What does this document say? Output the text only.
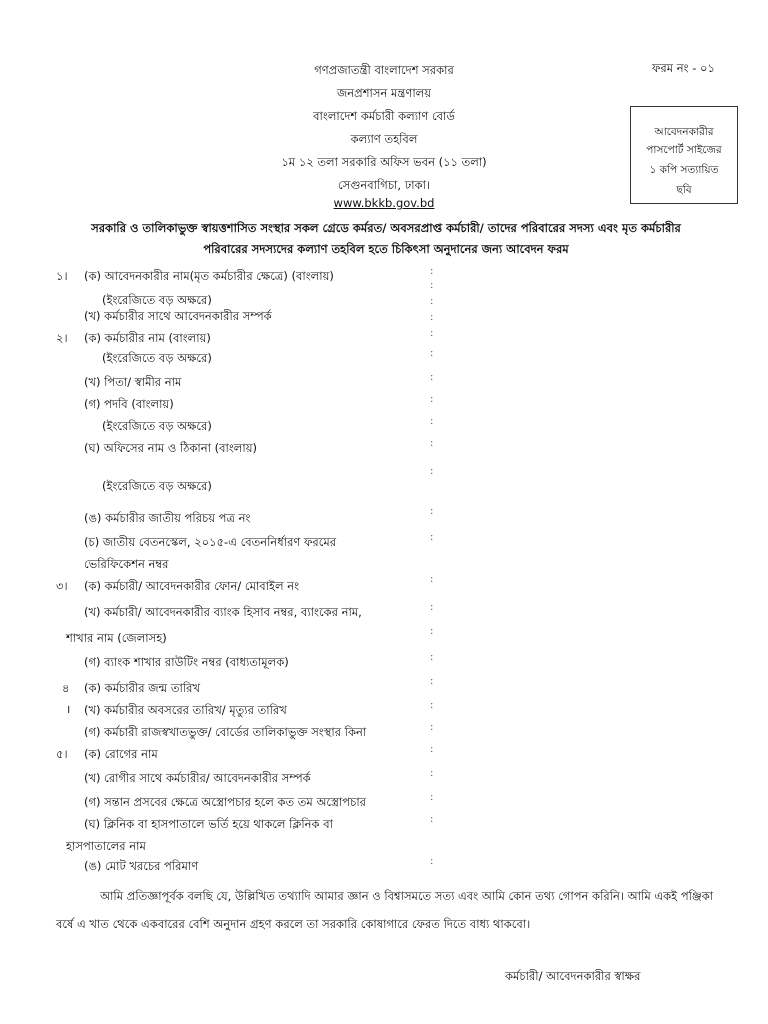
গণপ্রজাতন্ত্রী বাংলাদেশ সরকার
জনপ্রশাসন মন্ত্রণালয়
বাংলাদেশ কর্মচারী কল্যাণ বোর্ড
কল্যাণ তহবিল
১ম ১২ তলা সরকারি অফিস ভবন (১১ তলা)
সেগুনবাগিচা, ঢাকা।
www.bkkb.gov.bd
ফরম নং - ০১
আবেদনকারীর
পাসপোর্ট সাইজের
১ কপি সত্যায়িত
ছবি
সরকারি ও তালিকাভুক্ত স্বায়ত্তশাসিত সংস্থার সকল গ্রেডে কর্মরত/ অবসরপ্রাপ্ত কর্মচারী/ তাদের পরিবারের সদস্য এবং মৃত কর্মচারীর
পরিবারের সদস্যদের কল্যাণ তহবিল হতে চিকিৎসা অনুদানের জন্য আবেদন ফরম
১। (ক) আবেদনকারীর নাম(মৃত কর্মচারীর ক্ষেত্রে) (বাংলায়)
(ইংরেজিতে বড় অক্ষরে)
(খ) কর্মচারীর সাথে আবেদনকারীর সম্পর্ক
২। (ক) কর্মচারীর নাম (বাংলায়)
(ইংরেজিতে বড় অক্ষরে)
(খ) পিতা/ স্বামীর নাম
(গ) পদবি (বাংলায়)
(ইংরেজিতে বড় অক্ষরে)
(ঘ) অফিসের নাম ও ঠিকানা (বাংলায়)
(ইংরেজিতে বড় অক্ষরে)
(ঙ) কর্মচারীর জাতীয় পরিচয় পত্র নং
(চ) জাতীয় বেতনস্কেল, ২০১৫-এ বেতননির্ধারণ ফরমের
ভেরিফিকেশন নম্বর
৩। (ক) কর্মচারী/ আবেদনকারীর ফোন/ মোবাইল নং
(খ) কর্মচারী/ আবেদনকারীর ব্যাংক হিসাব নম্বর, ব্যাংকের নাম,
শাখার নাম (জেলাসহ)
(গ) ব্যাংক শাখার রাউটিং নম্বর (বাধ্যতামূলক)
৪ (ক) কর্মচারীর জন্ম তারিখ
। (খ) কর্মচারীর অবসরের তারিখ/ মৃত্যুর তারিখ
(গ) কর্মচারী রাজস্বখাতভুক্ত/ বোর্ডের তালিকাভুক্ত সংস্থার কিনা
৫। (ক) রোগের নাম
(খ) রোগীর সাথে কর্মচারীর/ আবেদনকারীর সম্পর্ক
(গ) সন্তান প্রসবের ক্ষেত্রে অস্ত্রোপচার হলে কত তম অস্ত্রোপচার
(ঘ) ক্লিনিক বা হাসপাতালে ভর্তি হয়ে থাকলে ক্লিনিক বা
হাসপাতালের নাম
(ঙ) মোট খরচের পরিমাণ
:
:
:
:
:
:
:
:
:
:
:
:
:
:
:
:
:
:
:
:
:
:
:
:
:
আমি প্রতিজ্ঞাপূর্বক বলছি যে, উল্লিখিত তথ্যাদি আমার জ্ঞান ও বিশ্বাসমতে সত্য এবং আমি কোন তথ্য গোপন করিনি। আমি একই পঞ্জিকা বর্ষে এ খাত থেকে একবারের বেশি অনুদান গ্রহণ করলে তা সরকারি কোষাগারে ফেরত দিতে বাধ্য থাকবো।
কর্মচারী/ আবেদনকারীর স্বাক্ষর
